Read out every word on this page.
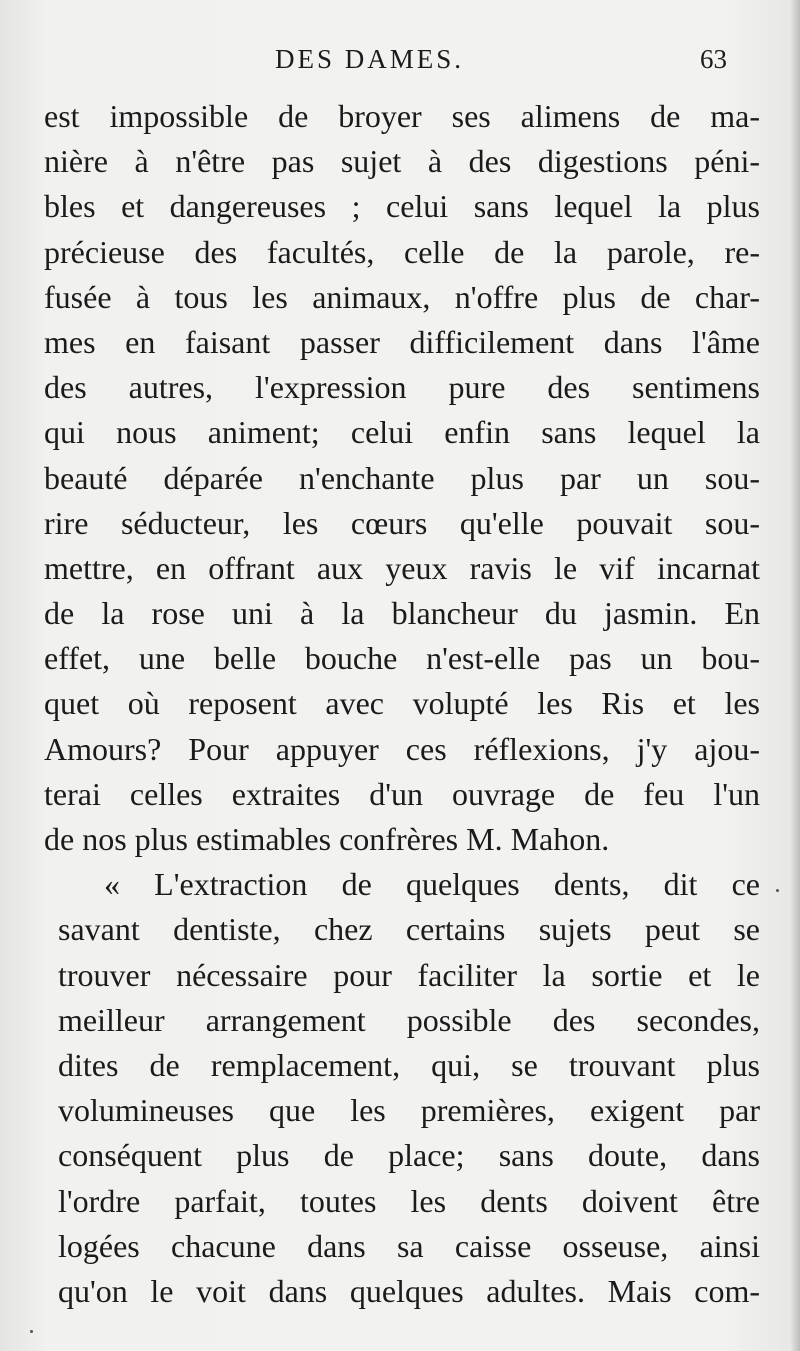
DES DAMES.	63
est impossible de broyer ses alimens de ma-
nière à n'être pas sujet à des digestions péni-
bles et dangereuses ; celui sans lequel la plus
précieuse des facultés, celle de la parole, re-
fusée à tous les animaux, n'offre plus de char-
mes en faisant passer difficilement dans l'âme
des autres, l'expression pure des sentimens
qui nous animent; celui enfin sans lequel la
beauté déparée n'enchante plus par un sou-
rire séducteur, les cœurs qu'elle pouvait sou-
mettre, en offrant aux yeux ravis le vif incarnat
de la rose uni à la blancheur du jasmin. En
effet, une belle bouche n'est-elle pas un bou-
quet où reposent avec volupté les Ris et les
Amours? Pour appuyer ces réflexions, j'y ajou-
terai celles extraites d'un ouvrage de feu l'un
de nos plus estimables confrères M. Mahon.
« L'extraction de quelques dents, dit ce
savant dentiste, chez certains sujets peut se
trouver nécessaire pour faciliter la sortie et le
meilleur arrangement possible des secondes,
dites de remplacement, qui, se trouvant plus
volumineuses que les premières, exigent par
conséquent plus de place; sans doute, dans
l'ordre parfait, toutes les dents doivent être
logées chacune dans sa caisse osseuse, ainsi
qu'on le voit dans quelques adultes. Mais com-
